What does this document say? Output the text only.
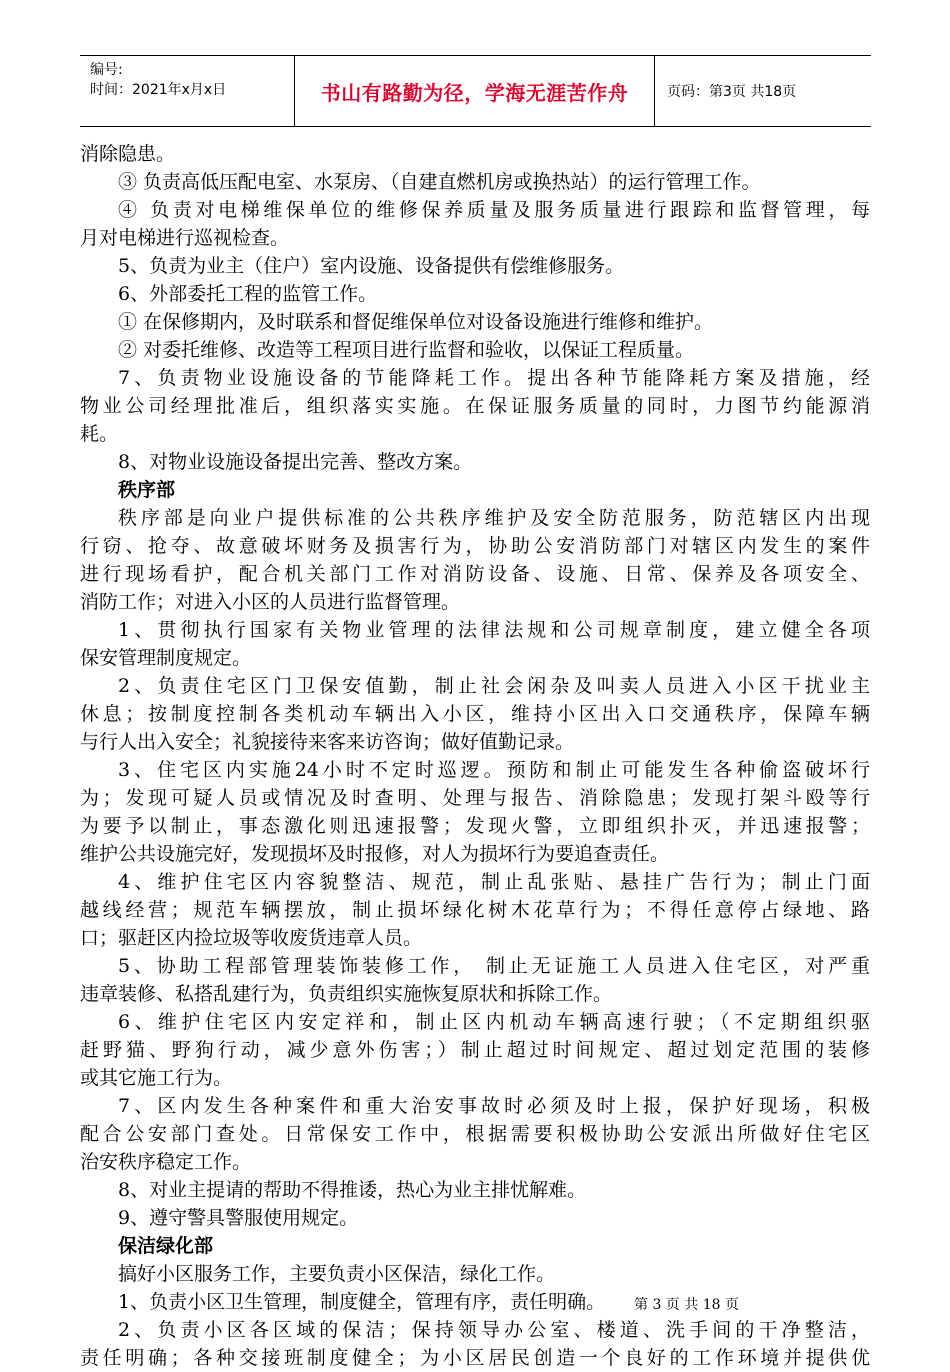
编号:
时间：2021年x月x日	书山有路勤为径，学海无涯苦作舟	页码：第3页 共18页
消除隐患。
③ 负责高低压配电室、水泵房、（自建直燃机房或换热站）的运行管理工作。
④ 负责对电梯维保单位的维修保养质量及服务质量进行跟踪和监督管理，每
月对电梯进行巡视检查。
5、负责为业主（住户）室内设施、设备提供有偿维修服务。
6、外部委托工程的监管工作。
① 在保修期内，及时联系和督促维保单位对设备设施进行维修和维护。
② 对委托维修、改造等工程项目进行监督和验收，以保证工程质量。
7、负责物业设施设备的节能降耗工作。提出各种节能降耗方案及措施，经
物业公司经理批准后，组织落实实施。在保证服务质量的同时，力图节约能源消
耗。
8、对物业设施设备提出完善、整改方案。
秩序部
秩序部是向业户提供标准的公共秩序维护及安全防范服务，防范辖区内出现
行窃、抢夺、故意破坏财务及损害行为，协助公安消防部门对辖区内发生的案件
进行现场看护，配合机关部门工作对消防设备、设施、日常、保养及各项安全、
消防工作；对进入小区的人员进行监督管理。
1、贯彻执行国家有关物业管理的法律法规和公司规章制度，建立健全各项
保安管理制度规定。
2、负责住宅区门卫保安值勤，制止社会闲杂及叫卖人员进入小区干扰业主
休息；按制度控制各类机动车辆出入小区，维持小区出入口交通秩序，保障车辆
与行人出入安全；礼貌接待来客来访咨询；做好值勤记录。
3、住宅区内实施24小时不定时巡逻。预防和制止可能发生各种偷盗破坏行
为；发现可疑人员或情况及时查明、处理与报告、消除隐患；发现打架斗殴等行
为要予以制止，事态激化则迅速报警；发现火警，立即组织扑灭，并迅速报警；
维护公共设施完好，发现损坏及时报修，对人为损坏行为要追查责任。
4、维护住宅区内容貌整洁、规范，制止乱张贴、悬挂广告行为；制止门面
越线经营；规范车辆摆放，制止损坏绿化树木花草行为；不得任意停占绿地、路
口；驱赶区内捡垃圾等收废货违章人员。
5、协助工程部管理装饰装修工作， 制止无证施工人员进入住宅区，对严重
违章装修、私搭乱建行为，负责组织实施恢复原状和拆除工作。
6、维护住宅区内安定祥和，制止区内机动车辆高速行驶；（不定期组织驱
赶野猫、野狗行动，减少意外伤害；）制止超过时间规定、超过划定范围的装修
或其它施工行为。
7、区内发生各种案件和重大治安事故时必须及时上报，保护好现场，积极
配合公安部门查处。日常保安工作中，根据需要积极协助公安派出所做好住宅区
治安秩序稳定工作。
8、对业主提请的帮助不得推诿，热心为业主排忧解难。
9、遵守警具警服使用规定。
保洁绿化部
搞好小区服务工作，主要负责小区保洁，绿化工作。
1、负责小区卫生管理，制度健全，管理有序，责任明确。
2、负责小区各区域的保洁；保持领导办公室、楼道、洗手间的干净整洁，
责任明确；各种交接班制度健全；为小区居民创造一个良好的工作环境并提供优
第 3 页 共 18 页
